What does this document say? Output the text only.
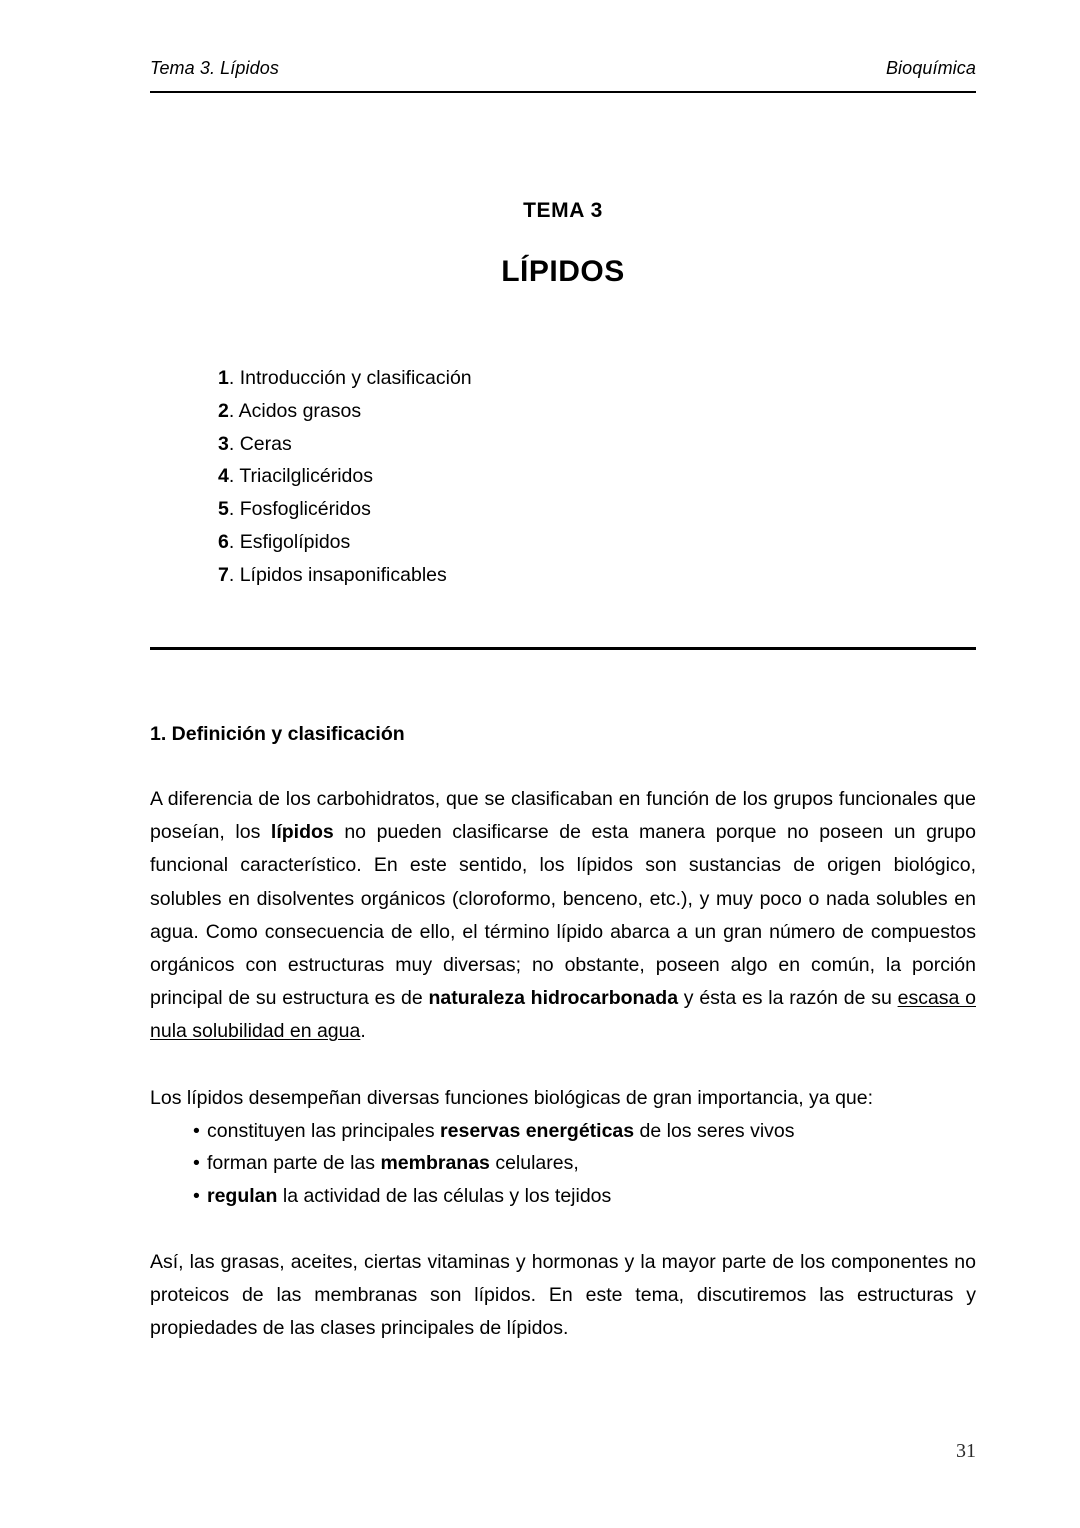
Tema 3. Lípidos	Bioquímica
TEMA 3
LÍPIDOS
1. Introducción y clasificación
2. Acidos grasos
3. Ceras
4. Triacilglicéridos
5. Fosfoglicéridos
6. Esfigolípidos
7. Lípidos insaponificables
1. Definición y clasificación

A diferencia de los carbohidratos, que se clasificaban en función de los grupos funcionales que poseían, los lípidos no pueden clasificarse de esta manera porque no poseen un grupo funcional característico. En este sentido, los lípidos son sustancias de origen biológico, solubles en disolventes orgánicos (cloroformo, benceno, etc.), y muy poco o nada solubles en agua. Como consecuencia de ello, el término lípido abarca a un gran número de compuestos orgánicos con estructuras muy diversas; no obstante, poseen algo en común, la porción principal de su estructura es de naturaleza hidrocarbonada y ésta es la razón de su escasa o nula solubilidad en agua.

Los lípidos desempeñan diversas funciones biológicas de gran importancia, ya que:

• constituyen las principales reservas energéticas de los seres vivos
• forman parte de las membranas celulares,
• regulan la actividad de las células y los tejidos

Así, las grasas, aceites, ciertas vitaminas y hormonas y la mayor parte de los componentes no proteicos de las membranas son lípidos. En este tema, discutiremos las estructuras y propiedades de las clases principales de lípidos.

31
